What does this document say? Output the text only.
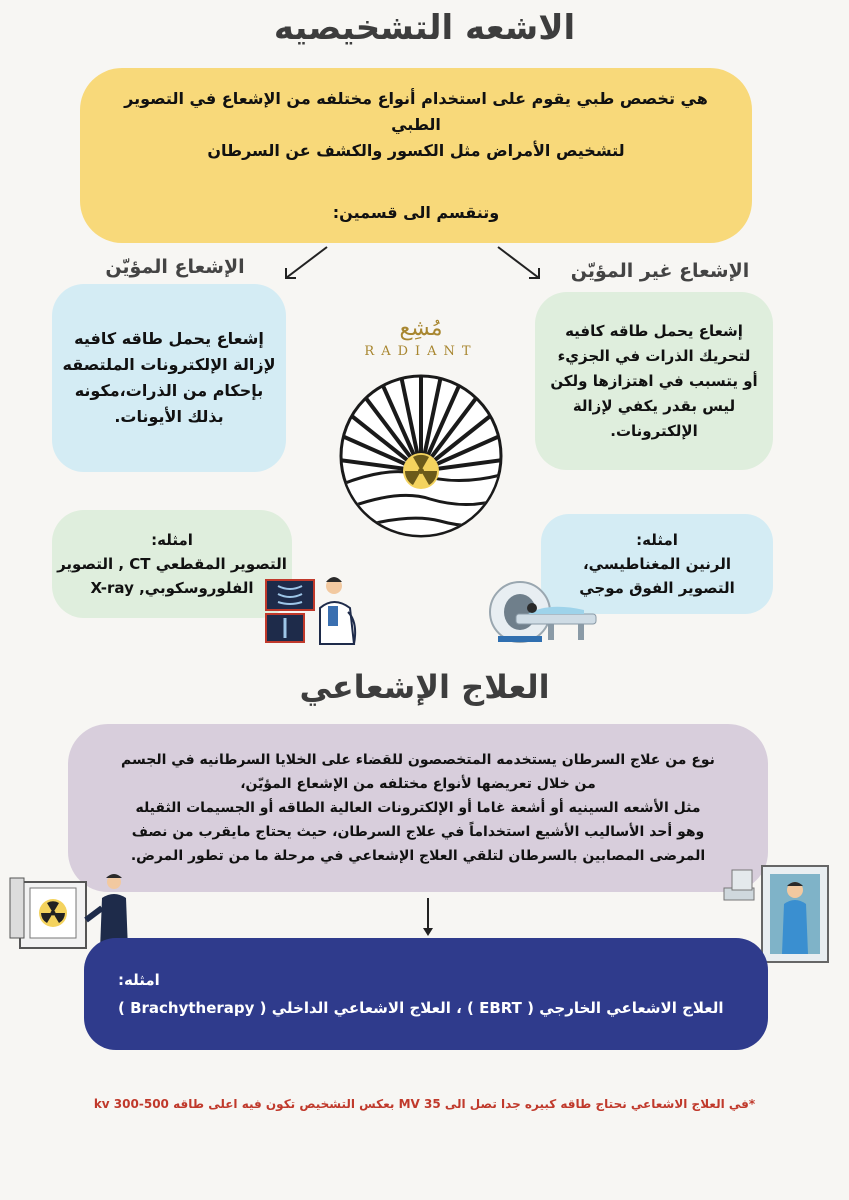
الاشعه التشخيصيه
هي تخصص طبي يقوم على استخدام أنواع مختلفه من الإشعاع في التصوير الطبي
لتشخيص الأمراض مثل الكسور والكشف عن السرطان
وتنقسم الى قسمين:
الإشعاع المؤيّن	الإشعاع غير المؤيّن
إشعاع يحمل طاقه كافيه
لإزالة الإلكترونات الملتصقه
بإحكام من الذرات،مكونه
بذلك الأيونات.
إشعاع يحمل طاقه كافيه
لتحريك الذرات في الجزيء
أو يتسبب في اهتزازها ولكن
ليس بقدر يكفي لإزالة
الإلكترونات.
مُشِع
RADIANT
امثله:
التصوير المقطعي CT , التصوير
الفلوروسكوبي, X-ray
امثله:
الرنين المغناطيسي،
التصوير الفوق موجي
العلاج الإشعاعي
نوع من علاج السرطان يستخدمه المتخصصون للقضاء على الخلايا السرطانيه في الجسم
من خلال تعريضها لأنواع مختلفه من الإشعاع المؤيّن،
مثل الأشعه السينيه أو أشعة غاما أو الإلكترونات العالية الطاقه أو الجسيمات الثقيله
وهو أحد الأساليب الأشيع استخداماً في علاج السرطان، حيث يحتاج مايقرب من نصف
المرضى المصابين بالسرطان لتلقي العلاج الإشعاعي في مرحلة ما من تطور المرض.
امثله:
العلاج الاشعاعي الخارجي ( EBRT ) ، العلاج الاشعاعي الداخلي ( Brachytherapy )
*في العلاج الاشعاعي نحتاج طاقه كبيره جدا تصل الى MV 35 بعكس التشخيص تكون فيه اعلى طاقه kv 300-500
